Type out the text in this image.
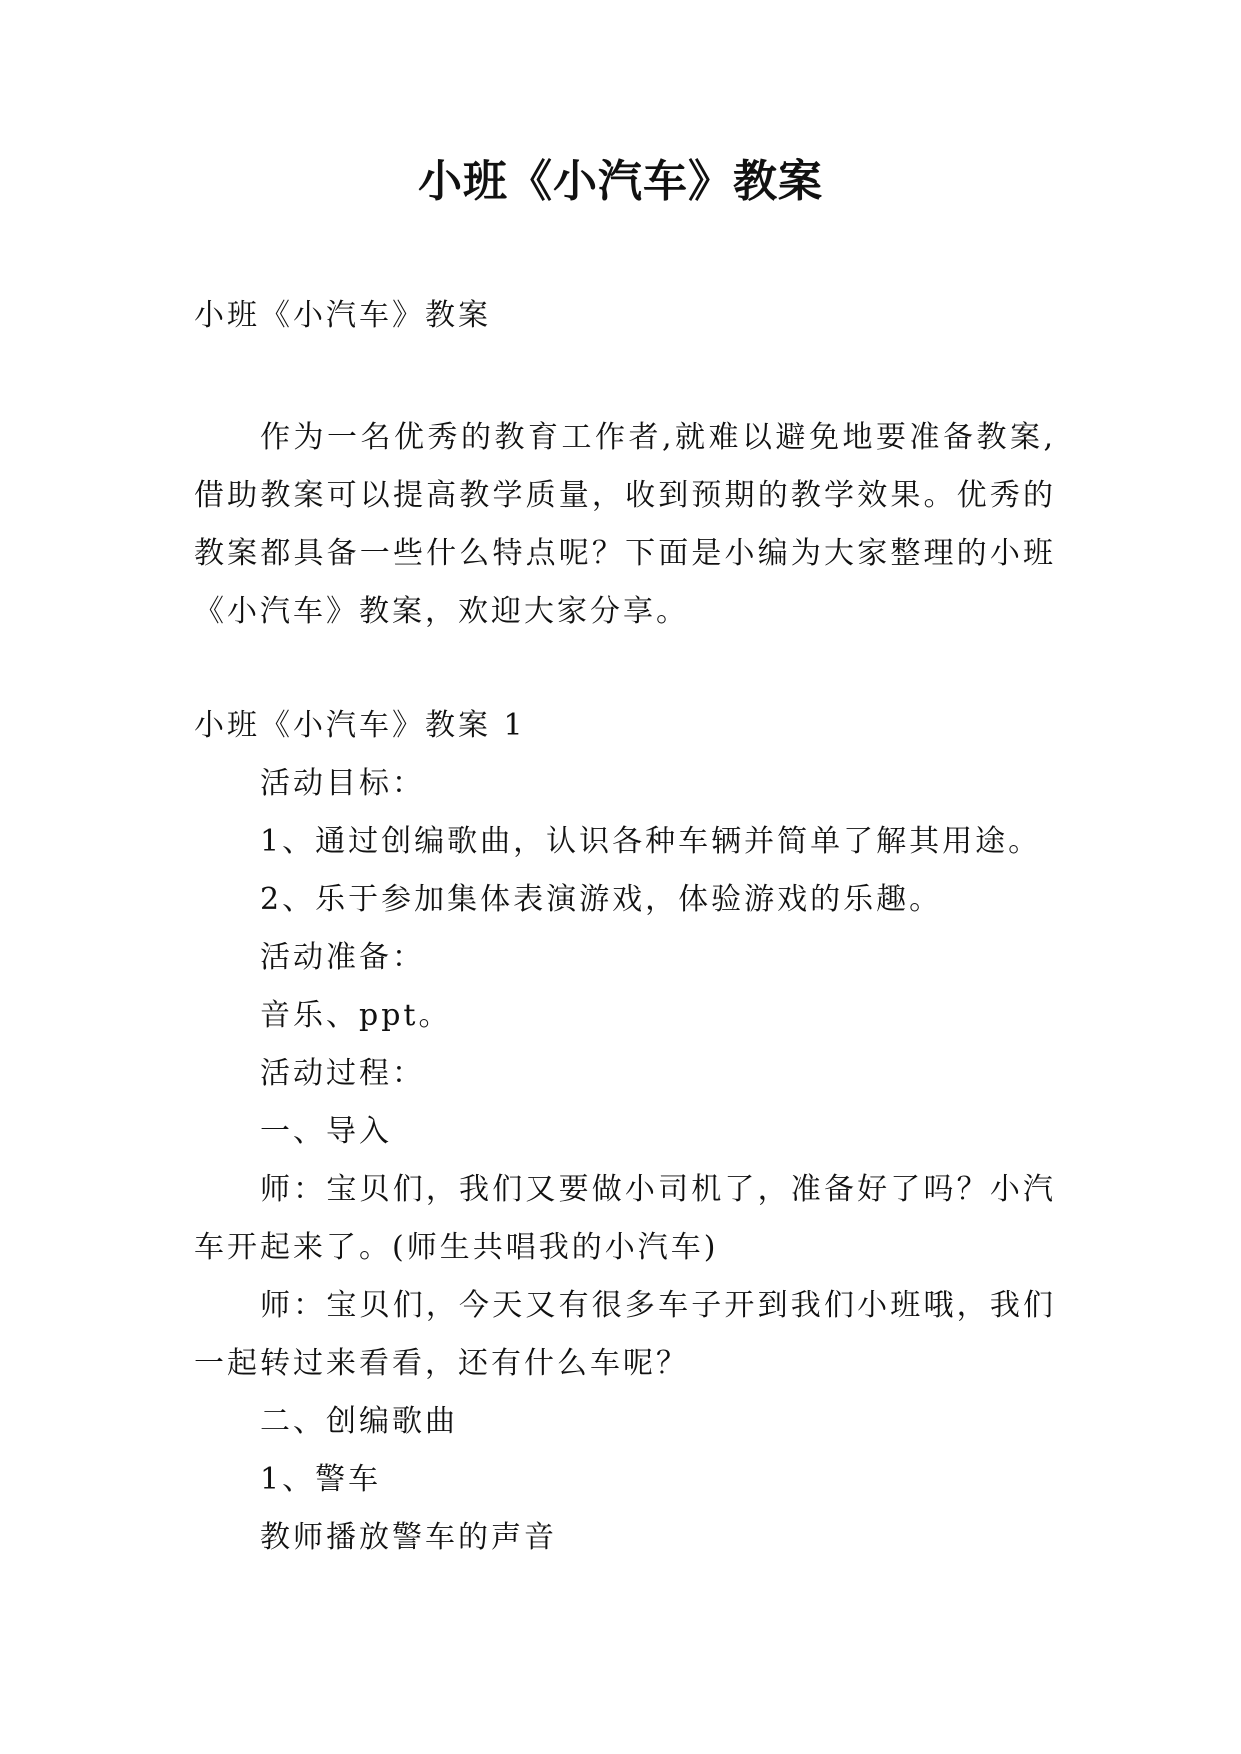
小班《小汽车》教案

小班《小汽车》教案

作为一名优秀的教育工作者,就难以避免地要准备教案,借助教案可以提高教学质量，收到预期的教学效果。优秀的教案都具备一些什么特点呢？下面是小编为大家整理的小班《小汽车》教案，欢迎大家分享。

小班《小汽车》教案 1

活动目标：

1、通过创编歌曲，认识各种车辆并简单了解其用途。

2、乐于参加集体表演游戏，体验游戏的乐趣。

活动准备：

音乐、ppt。

活动过程：

一、导入

师：宝贝们，我们又要做小司机了，准备好了吗？小汽车开起来了。(师生共唱我的小汽车)

师：宝贝们，今天又有很多车子开到我们小班哦，我们一起转过来看看，还有什么车呢？

二、创编歌曲

1、警车

教师播放警车的声音
